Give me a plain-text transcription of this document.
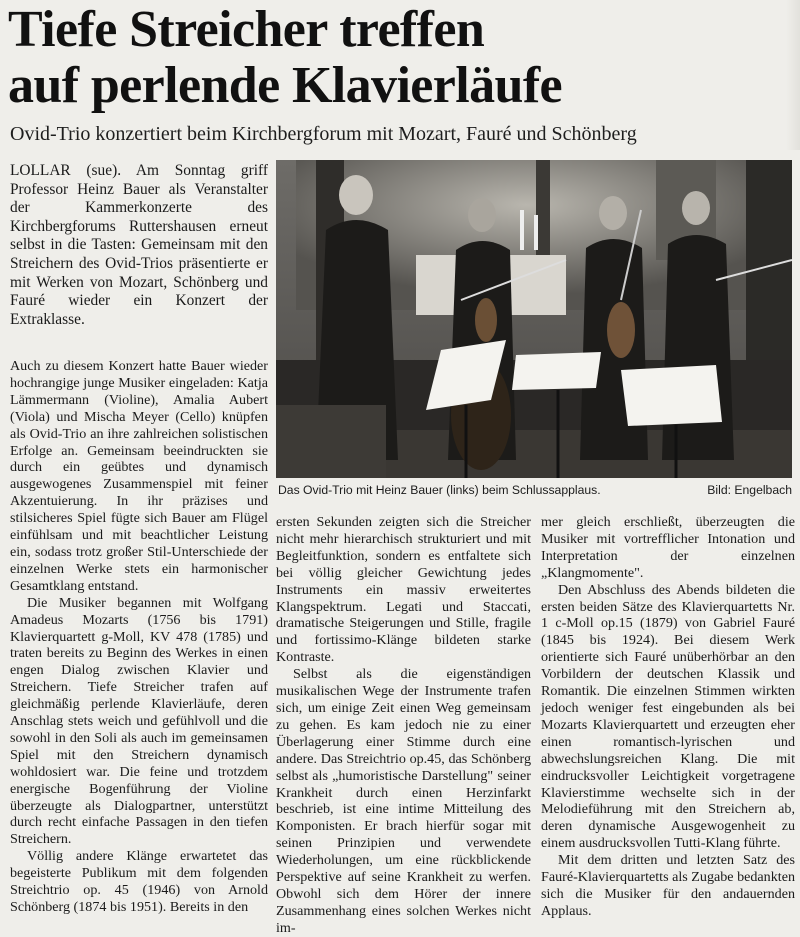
Tiefe Streicher treffen
auf perlende Klavierläufe

Ovid-Trio konzertiert beim Kirchbergforum mit Mozart, Fauré und Schönberg

LOLLAR (sue). Am Sonntag griff Professor Heinz Bauer als Veranstalter der Kammerkonzerte des Kirchbergforums Ruttershausen erneut selbst in die Tasten: Gemeinsam mit den Streichern des Ovid-Trios präsentierte er mit Werken von Mozart, Schönberg und Fauré wieder ein Konzert der Extraklasse.

Auch zu diesem Konzert hatte Bauer wieder hochrangige junge Musiker eingeladen: Katja Lämmermann (Violine), Amalia Aubert (Viola) und Mischa Meyer (Cello) knüpfen als Ovid-Trio an ihre zahlreichen solistischen Erfolge an. Gemeinsam beeindruckten sie durch ein geübtes und dynamisch ausgewogenes Zusammenspiel mit feiner Akzentuierung. In ihr präzises und stilsicheres Spiel fügte sich Bauer am Flügel einfühlsam und mit beachtlicher Leistung ein, sodass trotz großer Stil-Unterschiede der einzelnen Werke stets ein harmonischer Gesamtklang entstand.

Die Musiker begannen mit Wolfgang Amadeus Mozarts (1756 bis 1791) Klavierquartett g-Moll, KV 478 (1785) und traten bereits zu Beginn des Werkes in einen engen Dialog zwischen Klavier und Streichern. Tiefe Streicher trafen auf gleichmäßig perlende Klavierläufe, deren Anschlag stets weich und gefühlvoll und die sowohl in den Soli als auch im gemeinsamen Spiel mit den Streichern dynamisch wohldosiert war. Die feine und trotzdem energische Bogenführung der Violine überzeugte als Dialogpartner, unterstützt durch recht einfache Passagen in den tiefen Streichern.

Völlig andere Klänge erwartetet das begeisterte Publikum mit dem folgenden Streichtrio op. 45 (1946) von Arnold Schönberg (1874 bis 1951). Bereits in den

Das Ovid-Trio mit Heinz Bauer (links) beim Schlussapplaus.	Bild: Engelbach

ersten Sekunden zeigten sich die Streicher nicht mehr hierarchisch strukturiert und mit Begleitfunktion, sondern es entfaltete sich bei völlig gleicher Gewichtung jedes Instruments ein massiv erweitertes Klangspektrum. Legati und Staccati, dramatische Steigerungen und Stille, fragile und fortissimo-Klänge bildeten starke Kontraste.

Selbst als die eigenständigen musikalischen Wege der Instrumente trafen sich, um einige Zeit einen Weg gemeinsam zu gehen. Es kam jedoch nie zu einer Überlagerung einer Stimme durch eine andere. Das Streichtrio op.45, das Schönberg selbst als „humoristische Darstellung" seiner Krankheit durch einen Herzinfarkt beschrieb, ist eine intime Mitteilung des Komponisten. Er brach hierfür sogar mit seinen Prinzipien und verwendete Wiederholungen, um eine rückblickende Perspektive auf seine Krankheit zu werfen. Obwohl sich dem Hörer der innere Zusammenhang eines solchen Werkes nicht im-

mer gleich erschließt, überzeugten die Musiker mit vortrefflicher Intonation und Interpretation der einzelnen „Klangmomente".

Den Abschluss des Abends bildeten die ersten beiden Sätze des Klavierquartetts Nr. 1 c-Moll op.15 (1879) von Gabriel Fauré (1845 bis 1924). Bei diesem Werk orientierte sich Fauré unüberhörbar an den Vorbildern der deutschen Klassik und Romantik. Die einzelnen Stimmen wirkten jedoch weniger fest eingebunden als bei Mozarts Klavierquartett und erzeugten eher einen romantisch-lyrischen und abwechslungsreichen Klang. Die mit eindrucksvoller Leichtigkeit vorgetragene Klavierstimme wechselte sich in der Melodieführung mit den Streichern ab, deren dynamische Ausgewogenheit zu einem ausdrucksvollen Tutti-Klang führte.

Mit dem dritten und letzten Satz des Fauré-Klavierquartetts als Zugabe bedankten sich die Musiker für den andauernden Applaus.
